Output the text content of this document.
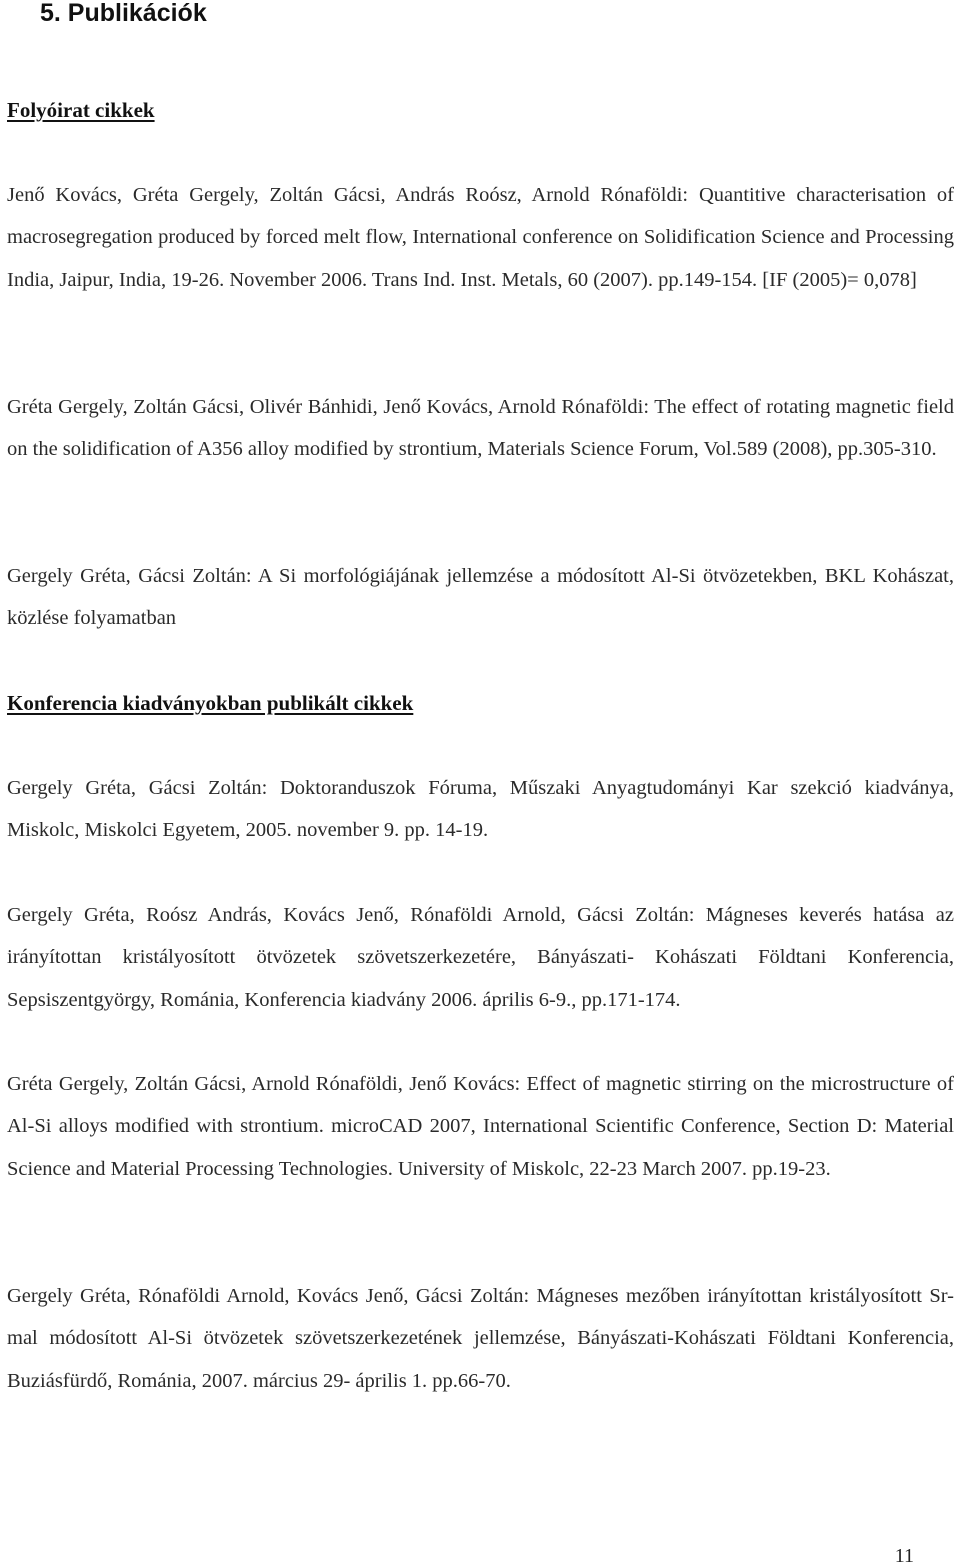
5. Publikációk
Folyóirat cikkek

Jenő Kovács, Gréta Gergely, Zoltán Gácsi, András Roósz, Arnold Rónaföldi: Quantitive characterisation of macrosegregation produced by forced melt flow, International conference on Solidification Science and Processing India, Jaipur, India, 19-26. November 2006. Trans Ind. Inst. Metals, 60 (2007). pp.149-154. [IF (2005)= 0,078]

Gréta Gergely, Zoltán Gácsi, Olivér Bánhidi, Jenő Kovács, Arnold Rónaföldi: The effect of rotating magnetic field on the solidification of A356 alloy modified by strontium, Materials Science Forum, Vol.589 (2008), pp.305-310.

Gergely Gréta, Gácsi Zoltán: A Si morfológiájának jellemzése a módosított Al-Si ötvözetekben, BKL Kohászat, közlése folyamatban

Konferencia kiadványokban publikált cikkek

Gergely Gréta, Gácsi Zoltán: Doktoranduszok Fóruma, Műszaki Anyagtudományi Kar szekció kiadványa, Miskolc, Miskolci Egyetem, 2005. november 9. pp. 14-19.

Gergely Gréta, Roósz András, Kovács Jenő, Rónaföldi Arnold, Gácsi Zoltán: Mágneses keverés hatása az irányítottan kristályosított ötvözetek szövetszerkezetére, Bányászati- Kohászati Földtani Konferencia, Sepsiszentgyörgy, Románia, Konferencia kiadvány 2006. április 6-9., pp.171-174.

Gréta Gergely, Zoltán Gácsi, Arnold Rónaföldi, Jenő Kovács: Effect of magnetic stirring on the microstructure of Al-Si alloys modified with strontium. microCAD 2007, International Scientific Conference, Section D: Material Science and Material Processing Technologies. University of Miskolc, 22-23 March 2007. pp.19-23.

Gergely Gréta, Rónaföldi Arnold, Kovács Jenő, Gácsi Zoltán: Mágneses mezőben irányítottan kristályosított Sr-mal módosított Al-Si ötvözetek szövetszerkezetének jellemzése, Bányászati-Kohászati Földtani Konferencia, Buziásfürdő, Románia, 2007. március 29- április 1. pp.66-70.

11
